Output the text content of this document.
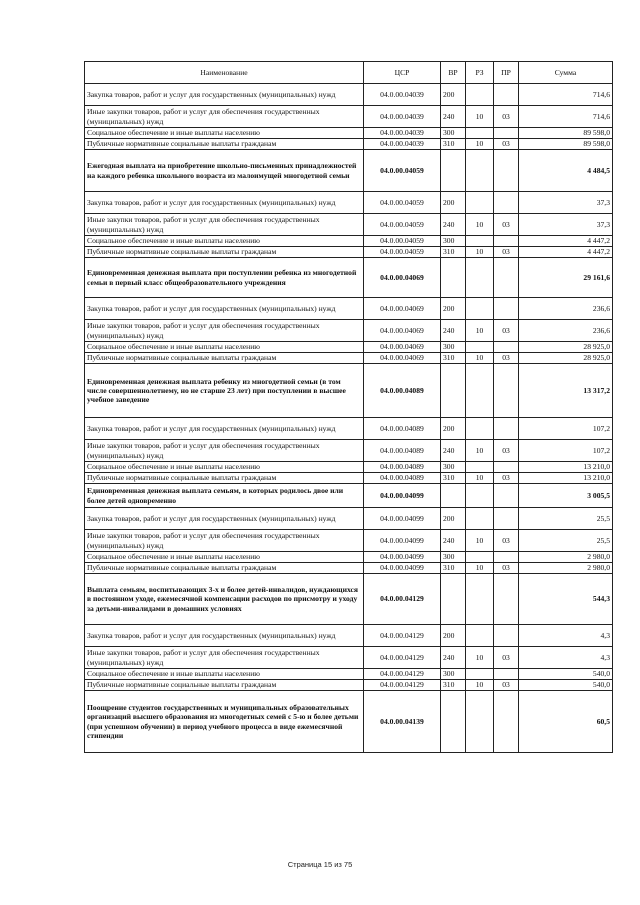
Наименование	ЦСР	ВР	РЗ	ПР	Сумма
Закупка товаров, работ и услуг для государственных (муниципальных) нужд	04.0.00.04039	200			714,6
Иные закупки товаров, работ и услуг для обеспечения государственных (муниципальных) нужд	04.0.00.04039	240	10	03	714,6
Социальное обеспечение и иные выплаты населению	04.0.00.04039	300			89 598,0
Публичные нормативные социальные выплаты гражданам	04.0.00.04039	310	10	03	89 598,0
Ежегодная выплата на приобретение школьно-письменных принадлежностей на каждого ребенка школьного возраста из малоимущей многодетной семьи	04.0.00.04059				4 484,5
Закупка товаров, работ и услуг для государственных (муниципальных) нужд	04.0.00.04059	200			37,3
Иные закупки товаров, работ и услуг для обеспечения государственных (муниципальных) нужд	04.0.00.04059	240	10	03	37,3
Социальное обеспечение и иные выплаты населению	04.0.00.04059	300			4 447,2
Публичные нормативные социальные выплаты гражданам	04.0.00.04059	310	10	03	4 447,2
Единовременная денежная выплата при поступлении ребенка из многодетной семьи в первый класс общеобразовательного учреждения	04.0.00.04069				29 161,6
Закупка товаров, работ и услуг для государственных (муниципальных) нужд	04.0.00.04069	200			236,6
Иные закупки товаров, работ и услуг для обеспечения государственных (муниципальных) нужд	04.0.00.04069	240	10	03	236,6
Социальное обеспечение и иные выплаты населению	04.0.00.04069	300			28 925,0
Публичные нормативные социальные выплаты гражданам	04.0.00.04069	310	10	03	28 925,0
Единовременная денежная выплата ребенку из многодетной семьи (в том числе совершеннолетнему, но не старше 23 лет) при поступлении в высшее учебное заведение	04.0.00.04089				13 317,2
Закупка товаров, работ и услуг для государственных (муниципальных) нужд	04.0.00.04089	200			107,2
Иные закупки товаров, работ и услуг для обеспечения государственных (муниципальных) нужд	04.0.00.04089	240	10	03	107,2
Социальное обеспечение и иные выплаты населению	04.0.00.04089	300			13 210,0
Публичные нормативные социальные выплаты гражданам	04.0.00.04089	310	10	03	13 210,0
Единовременная денежная выплата семьям, в которых родилось двое или более детей одновременно	04.0.00.04099				3 005,5
Закупка товаров, работ и услуг для государственных (муниципальных) нужд	04.0.00.04099	200			25,5
Иные закупки товаров, работ и услуг для обеспечения государственных (муниципальных) нужд	04.0.00.04099	240	10	03	25,5
Социальное обеспечение и иные выплаты населению	04.0.00.04099	300			2 980,0
Публичные нормативные социальные выплаты гражданам	04.0.00.04099	310	10	03	2 980,0
Выплата семьям, воспитывающих 3-х и более детей-инвалидов, нуждающихся в постоянном уходе, ежемесячной компенсации расходов по присмотру и уходу за детьми-инвалидами в домашних условиях	04.0.00.04129				544,3
Закупка товаров, работ и услуг для государственных (муниципальных) нужд	04.0.00.04129	200			4,3
Иные закупки товаров, работ и услуг для обеспечения государственных (муниципальных) нужд	04.0.00.04129	240	10	03	4,3
Социальное обеспечение и иные выплаты населению	04.0.00.04129	300			540,0
Публичные нормативные социальные выплаты гражданам	04.0.00.04129	310	10	03	540,0
Поощрение студентов государственных и муниципальных образовательных организаций высшего образования из многодетных семей с 5-ю и более детьми (при успешном обучении) в период учебного процесса в виде ежемесячной стипендии	04.0.00.04139				60,5
Страница 15 из 75
